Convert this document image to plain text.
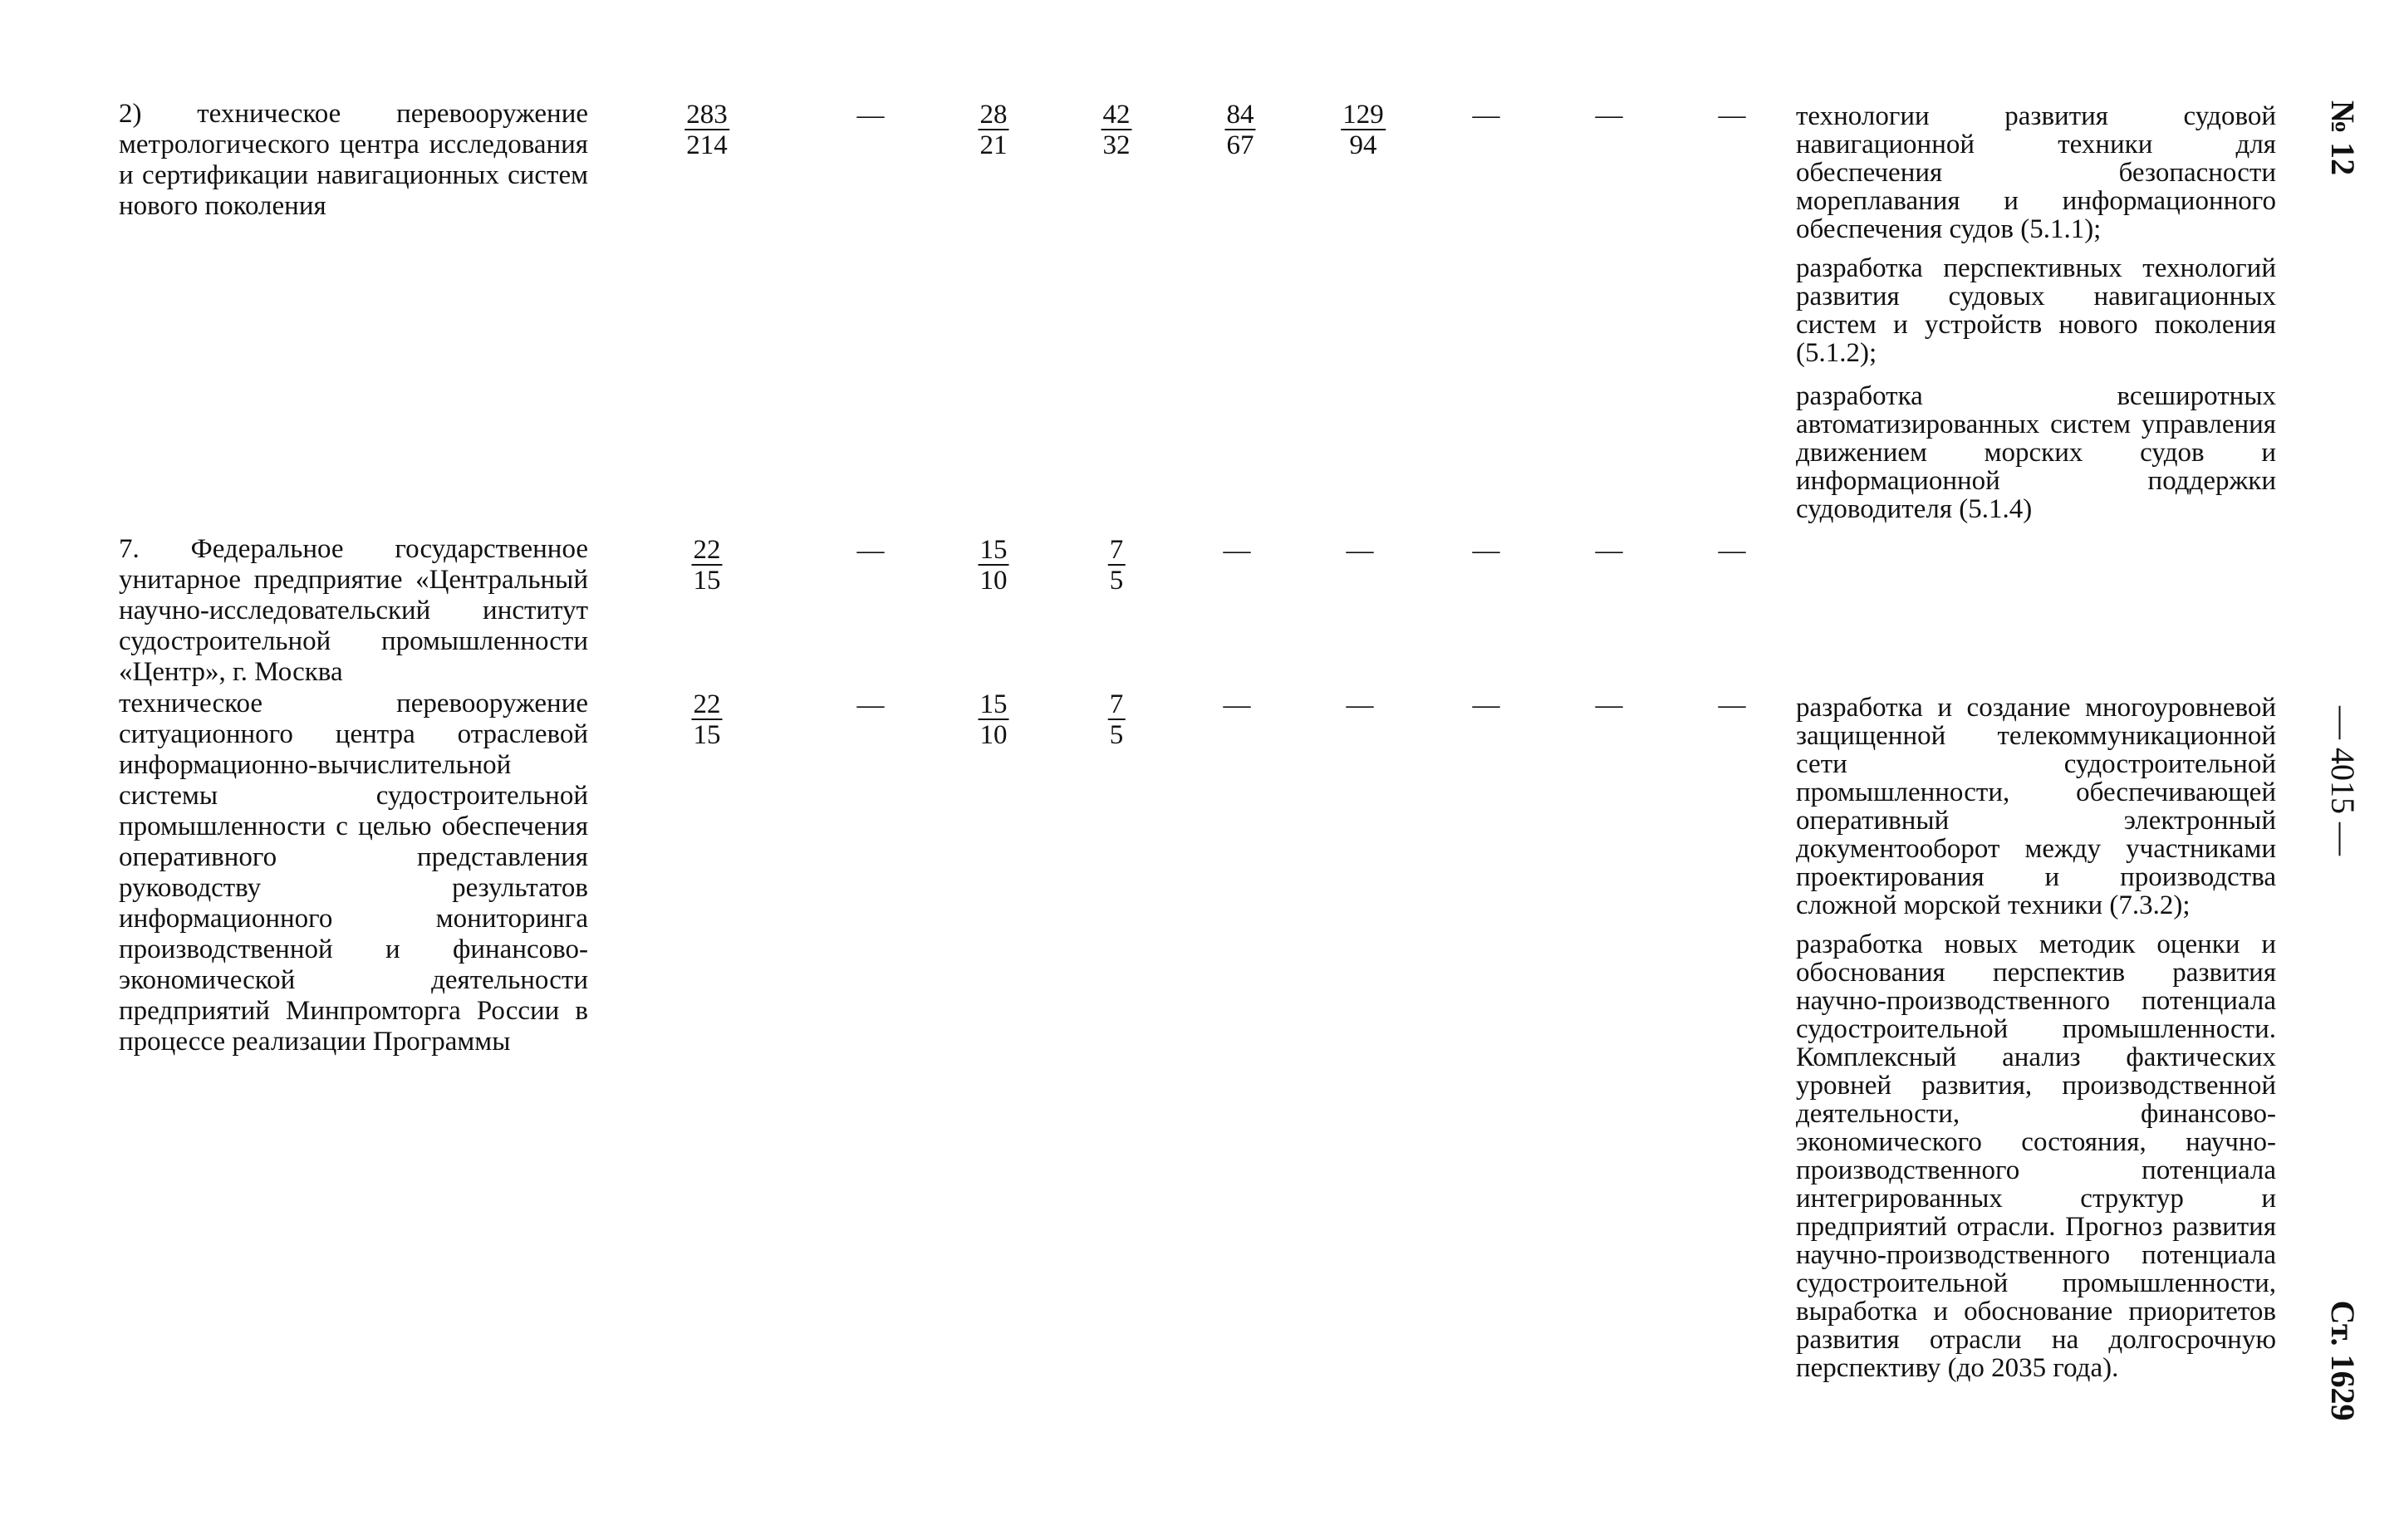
2) техническое перевооружение метрологического центра исследования и сертификации навигационных систем нового поколения
$\frac{283}{214}$	—	$\frac{28}{21}$	$\frac{42}{32}$	$\frac{84}{67}$	$\frac{129}{94}$	—	—	— технологии развития судовой навигационной техники для обеспечения безопасности мореплавания и информационного обеспечения судов (5.1.1);
разработка перспективных технологий развития судовых навигационных систем и устройств нового поколения (5.1.2);
разработка всеширотных автоматизированных систем управления движением морских судов и информационной поддержки судоводителя (5.1.4)
7. Федеральное государственное унитарное предприятие «Центральный научно-исследовательский институт судостроительной промышленности «Центр», г. Москва
$\frac{22}{15}$	—	$\frac{15}{10}$	$\frac{7}{5}$	—	—	—	—	—
техническое перевооружение ситуационного центра отраслевой информационно-вычислительной системы судостроительной промышленности с целью обеспечения оперативного представления руководству результатов информационного мониторинга производственной и финансово-экономической деятельности предприятий Минпромторга России в процессе реализации Программы
$\frac{22}{15}$	—	$\frac{15}{10}$	$\frac{7}{5}$	—	—	—	—	— разработка и создание многоуровневой защищенной телекоммуникационной сети судостроительной промышленности, обеспечивающей оперативный электронный документооборот между участниками проектирования и производства сложной морской техники (7.3.2);
разработка новых методик оценки и обоснования перспектив развития научно-производственного потенциала судостроительной промышленности. Комплексный анализ фактических уровней развития, производственной деятельности, финансово-экономического состояния, научно-производственного потенциала интегрированных структур и предприятий отрасли. Прогноз развития научно-производственного потенциала судостроительной промышленности, выработка и обоснование приоритетов развития отрасли на долгосрочную перспективу (до 2035 года).
№ 12
— 4015 —
Ст. 1629
